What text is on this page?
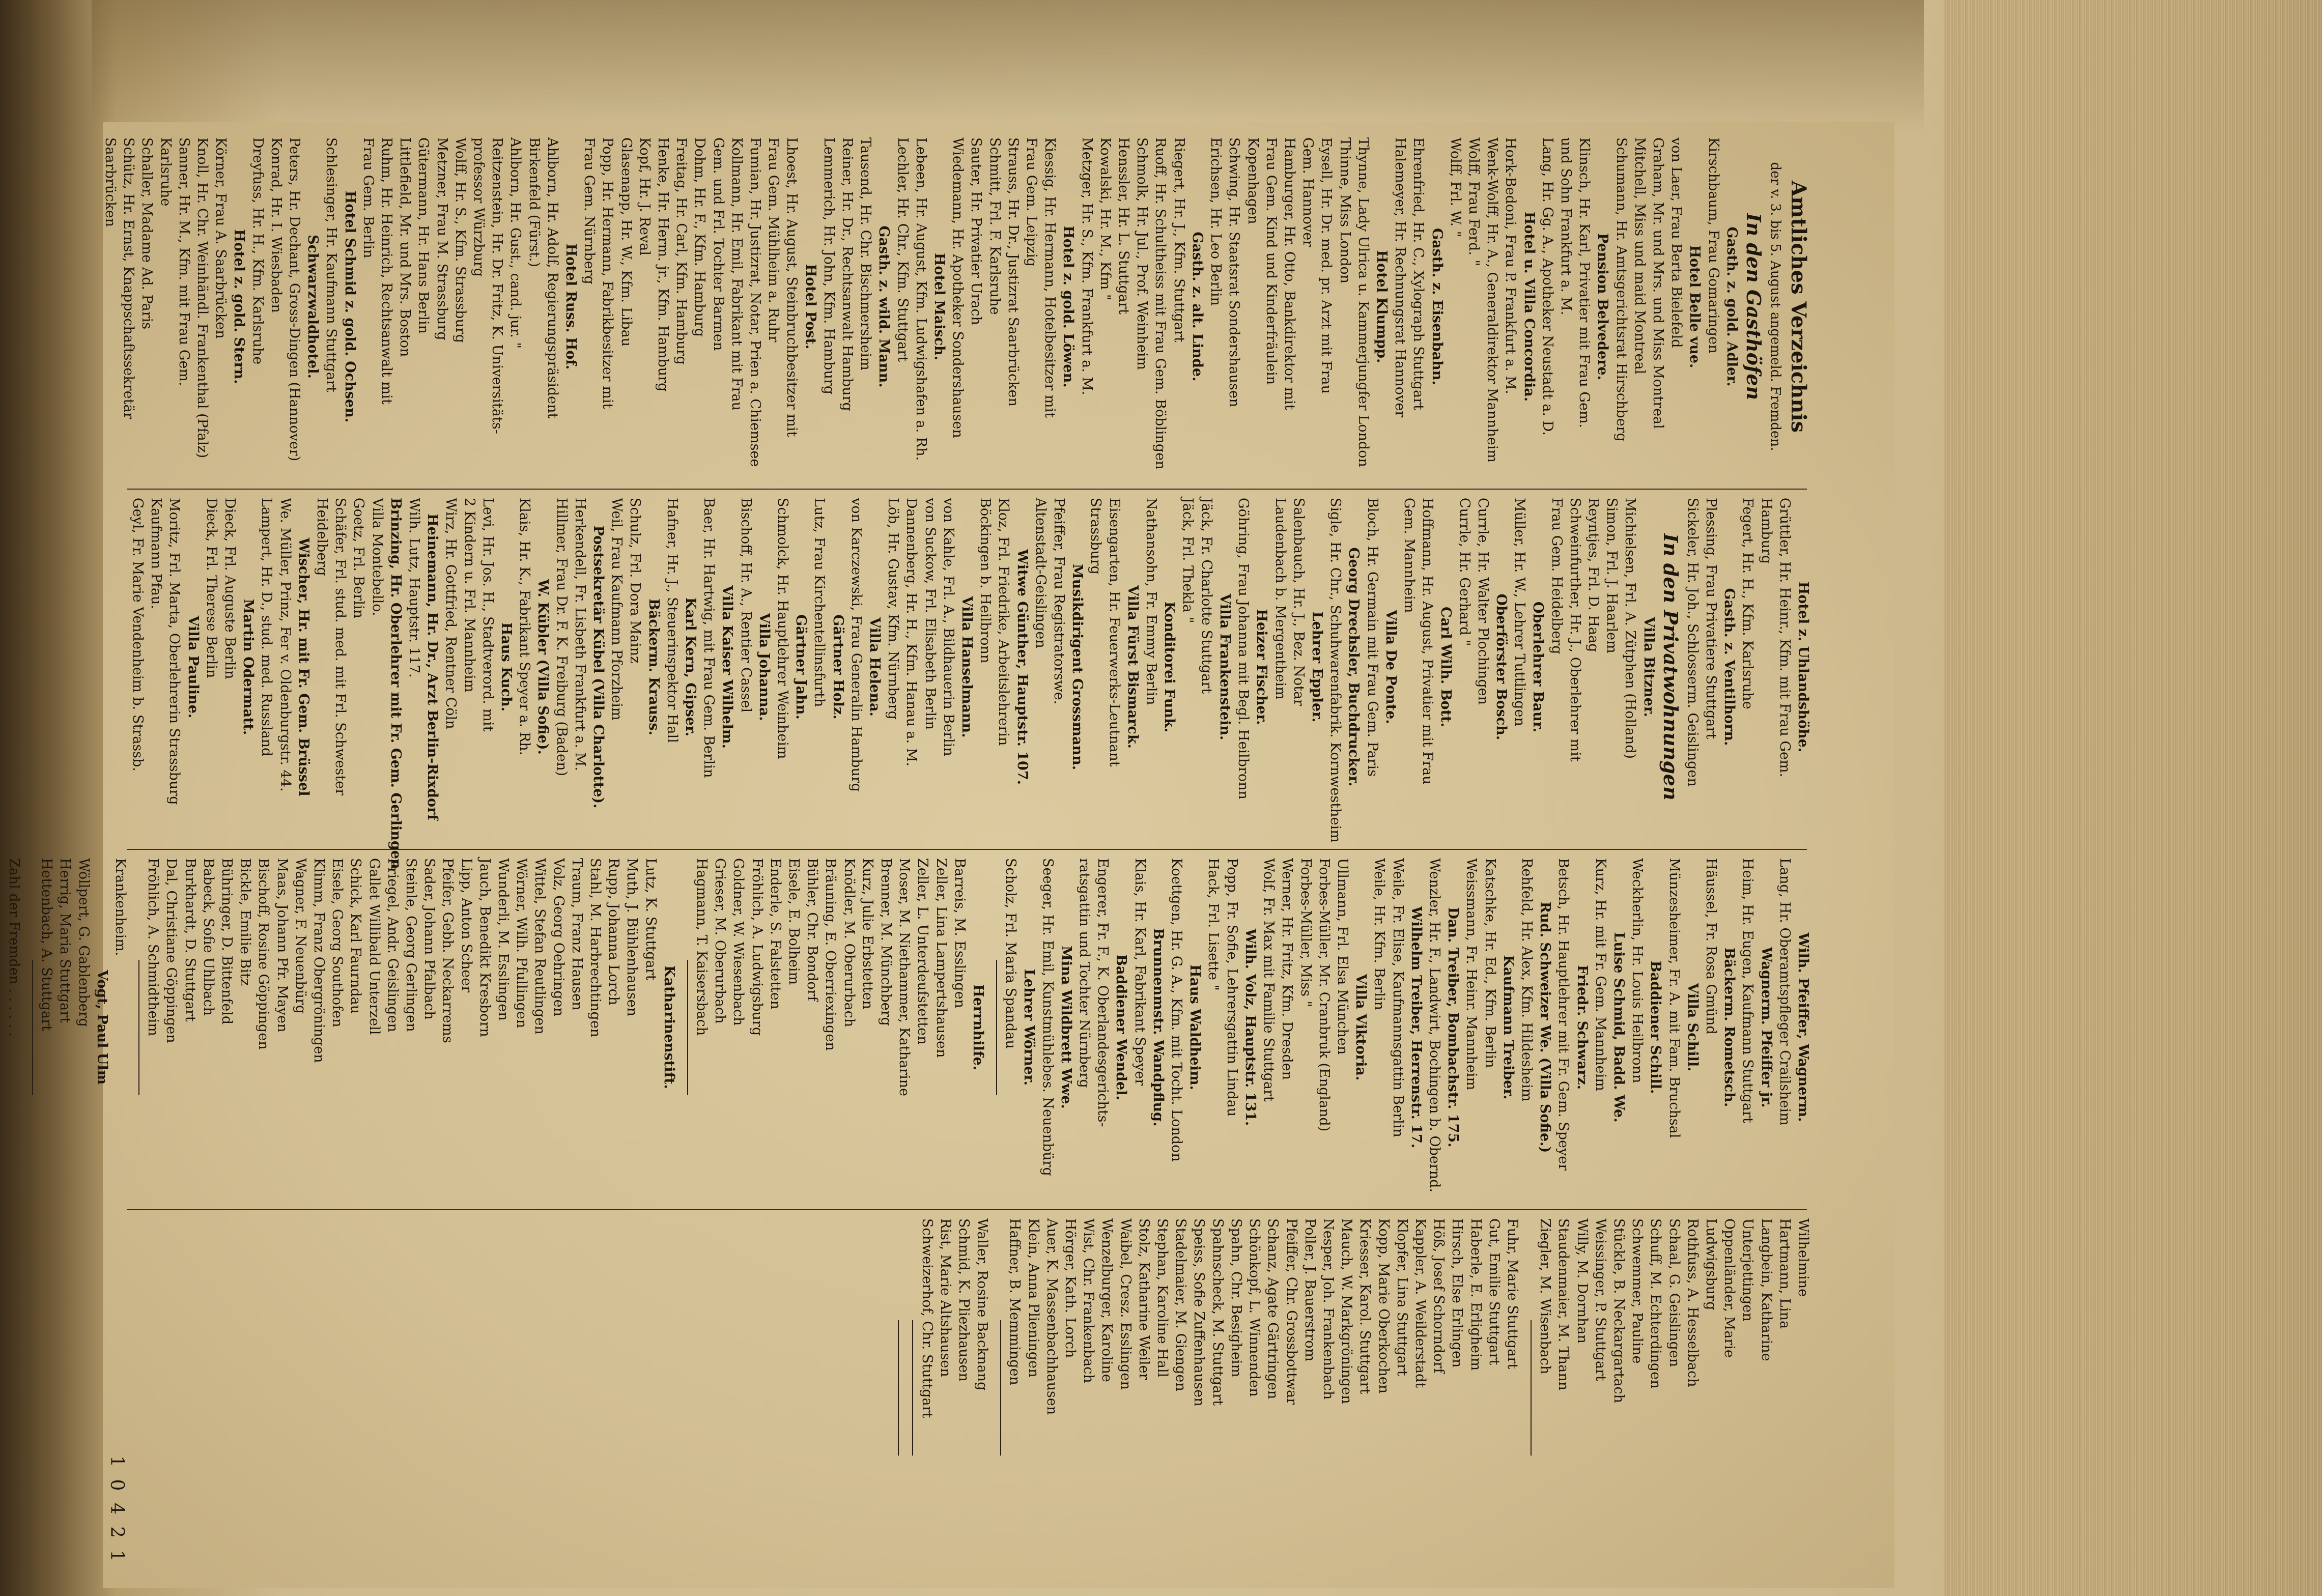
Amtliches Verzeichnis

der v. 3. bis 5. August angemeld. Fremden.

In den Gasthöfen

Gasth. z. gold. Adler.

Kirschbaum, Frau Gomaringen

Hotel Belle vue.

von Laer, Frau Berta Bielefeld

Graham, Mr. und Mrs. und Miss Montreal

Mitchell, Miss und maid Montreal

Schumann, Hr. Amtsgerichtsrat Hirschberg

Pension Belvedere.

Klinsch, Hr. Karl, Privatier mit Frau Gem.

und Sohn Frankfurt a. M.

Lang, Hr. Gg. A., Apotheker Neustadt a. D.

Hotel u. Villa Concordia.

Hork-Bedoni, Frau P. Frankfurt a. M.

Wenk-Wolff, Hr. A., Generaldirektor Mannheim

Wolff, Frau Ferd. "

Wolff, Frl. W. "

Gasth. z. Eisenbahn.

Ehrenfried, Hr. C., Xylograph Stuttgart

Halemeyer, Hr. Rechnungsrat Hannover

Hotel Klumpp.

Thynne, Lady Ulrica u. Kammerjungfer London

Thinne, Miss London

Eysell, Hr. Dr. med. pr. Arzt mit Frau

Gem. Hannover

Hamburger, Hr. Otto, Bankdirektor mit

Frau Gem. Kind und Kinderfräulein

Kopenhagen

Schwing, Hr. Staatsrat Sondershausen

Erichsen, Hr. Leo Berlin

Gasth. z. alt. Linde.

Riegert, Hr. J., Kfm. Stuttgart

Ruoff, Hr. Schultheiss mit Frau Gem. Böblingen

Schmolk, Hr. Jul., Prof. Weinheim

Henssler, Hr. L. Stuttgart

Kowalski, Hr. M., Kfm "

Metzger, Hr. S., Kfm. Frankfurt a. M.

Hotel z. gold. Löwen.

Kiessig, Hr. Hermann, Hotelbesitzer mit

Frau Gem. Leipzig

Strauss, Hr. Dr., Justizrat Saarbrücken

Schmitt, Frl. F. Karlsruhe

Sauter, Hr. Privatier Urach

Wiedemann, Hr. Apotheker Sondershausen

Hotel Maisch.

Lebeen, Hr. August, Kfm. Ludwigshafen a. Rh.

Lechler, Hr. Chr., Kfm. Stuttgart

Gasth. z. wild. Mann.

Tausend, Hr. Chr. Bischmersheim

Reiner, Hr. Dr., Rechtsanwalt Hamburg

Lemmerich, Hr. John, Kfm. Hamburg

Hotel Post.

Lhoest, Hr. August, Steinbruchbesitzer mit

Frau Gem. Mühlheim a. Ruhr

Fumian, Hr. Justizrat, Notar, Prien a. Chiemsee

Kollmann, Hr. Emil, Fabrikant mit Frau

Gem. und Frl. Tochter Barmen

Dohm, Hr. F., Kfm. Hamburg

Freitag, Hr. Carl, Kfm. Hamburg

Henke, Hr. Herm. jr., Kfm. Hamburg

Kopf, Hr. J. Reval

Glasenapp, Hr. W., Kfm. Libau

Popp, Hr. Hermann, Fabrikbesitzer mit

Frau Gem. Nürnberg

Hotel Russ. Hof.

Ahlborn, Hr. Adolf, Regierungspräsident

Birkenfeld (Fürst.)

Ahlborn, Hr. Gust., cand. jur. "

Reitzenstein, Hr. Dr. Fritz, K. Universitäts-

professor Würzburg

Wolff, Hr. S., Kfm. Strassburg

Metzner, Frau M. Strassburg

Gütermann, Hr. Hans Berlin

Littlefield, Mr. und Mrs. Boston

Ruhm, Hr. Heinrich, Rechtsanwalt mit

Frau Gem. Berlin

Hotel Schmid z. gold. Ochsen.

Schlesinger, Hr. Kaufmann Stuttgart

Schwarzwaldhotel.

Peters, Hr. Dechant, Gross-Dingen (Hannover)

Konrad, Hr. I. Wiesbaden

Dreyfuss, Hr. H., Kfm. Karlsruhe

Hotel z. gold. Stern.

Körner, Frau A. Saarbrücken

Knoll, Hr. Chr. Weinhändl. Frankenthal (Pfalz)

Sanner, Hr. M., Kfm. mit Frau Gem.

Karlsruhe

Schaller, Madame Ad. Paris

Schütz, Hr. Ernst, Knappschaftssekretär

Saarbrücken

Hotel z. Uhlandshöhe.

Grüttler, Hr. Heinr., Kfm. mit Frau Gem.

Hamburg

Fegert, Hr. H., Kfm. Karlsruhe

Gasth. z. Ventilhorn.

Plessing, Frau Privatiere Stuttgart

Sickeler, Hr. Joh., Schlosserm. Geislingen

In den Privatwohnungen

Villa Bitzner.

Michielsen, Frl. A. Zütphen (Holland)

Simon, Frl. J. Haarlem

Reyntjes, Frl. D. Haag

Schweinfurther, Hr. J., Oberlehrer mit

Frau Gem. Heidelberg

Oberlehrer Baur.

Müller, Hr. W., Lehrer Tuttlingen

Oberförster Bosch.

Currle, Hr. Walter Plochingen

Currle, Hr. Gerhard "

Carl Wilh. Bott.

Hoffmann, Hr. August, Privatier mit Frau

Gem. Mannheim

Villa De Ponte.

Bloch, Hr. Germain mit Frau Gem. Paris

Georg Drechsler, Buchdrucker.

Sigle, Hr. Chr., Schuhwarenfabrik. Kornwestheim

Lehrer Eppler.

Salenbauch, Hr. J., Bez. Notar

Laudenbach b. Mergentheim

Heizer Fischer.

Göhring, Frau Johanna mit Begl. Heilbronn

Villa Frankenstein.

Jäck, Fr. Charlotte Stuttgart

Jäck, Frl. Thekla "

Konditorei Funk.

Nathansohn, Fr. Emmy Berlin

Villa Fürst Bismarck.

Eisengarten, Hr. Feuerwerks-Leutnant

Strassburg

Musikdirigent Grossmann.

Pfeiffer, Frau Registratorswe.

Altenstadt-Geislingen

Witwe Günther, Hauptstr. 107.

Kloz, Frl. Friedrike, Arbeitslehrerin

Böckingen b. Heilbronn

Villa Hanselmann.

von Kahle, Frl. A., Bildhauerin Berlin

von Suckow, Frl. Elisabeth Berlin

Dannenberg, Hr. H., Kfm. Hanau a. M.

Löb, Hr. Gustav, Kfm. Nürnberg

Villa Helena.

von Karczewski, Frau Generalin Hamburg

Gärtner Holz.

Lutz, Frau Kirchentellinsfurth

Gärtner Jahn.

Schmolck, Hr. Hauptlehrer Weinheim

Villa Johanna.

Bischoff, Hr. A., Rentier Cassel

Villa Kaiser Wilhelm.

Baer, Hr. Hartwig, mit Frau Gem. Berlin

Karl Kern, Gipser.

Hafner, Hr. J., Steuerinspektor Hall

Bäckerm. Krauss.

Schulz, Frl. Dora Mainz

Weil, Frau Kaufmann Pforzheim

Postsekretär Kübel (Villa Charlotte).

Herkendell, Fr. Lisbeth Frankfurt a. M.

Hillmer, Frau Dr. F. K. Freiburg (Baden)

W. Kübler (Villa Sofie).

Klais, Hr. K., Fabrikant Speyer a. Rh.

Haus Kuch.

Levi, Hr. Jos. H., Stadtverord. mit

2 Kindern u. Frl. Mannheim

Wirz, Hr. Gottfried, Rentner Cöln

Heinemann, Hr. Dr., Arzt Berlin-Rixdorf

Wilh. Lutz, Hauptstr. 117.

Brinzing, Hr. Oberlehrer mit Fr. Gem. Gerlingen

Villa Montebello.

Goetz, Frl. Berlin

Schäfer, Frl. stud. med. mit Frl. Schwester

Heidelberg

Wischer, Hr. mit Fr. Gem. Brüssel

We. Müller, Prinz, Fer v. Oldenburgstr. 44.

Lampert, Hr. D., stud. med. Russland

Martin Odermatt.

Dieck, Frl. Auguste Berlin

Dieck, Frl. Therese Berlin

Villa Pauline.

Moritz, Frl. Marta, Oberlehrerin Strassburg

Kaufmann Pfau.

Geyl, Fr. Marie Vendenheim b. Strassb.

Wilh. Pfeiffer, Wagnerm.

Lang, Hr. Oberamtspfleger Crailsheim

Wagnerm. Pfeiffer jr.

Heim, Hr. Eugen, Kaufmann Stuttgart

Bäckerm. Rometsch.

Häussel, Fr. Rosa Gmünd

Villa Schill.

Münzesheimer, Fr. A. mit Fam. Bruchsal

Baddiener Schill.

Weckherlin, Hr. Louis Heilbronn

Luise Schmid, Badd. We.

Kurz, Hr. mit Fr. Gem. Mannheim

Friedr. Schwarz.

Betsch, Hr. Hauptlehrer mit Fr. Gem. Speyer

Rud. Schweizer We. (Villa Sofie.)

Rehfeld, Hr. Alex, Kfm. Hildesheim

Kaufmann Treiber.

Katschke, Hr. Ed., Kfm. Berlin

Weissmann, Fr. Heinr. Mannheim

Dan. Treiber, Bombachstr. 175.

Wenzler, Hr. F., Landwirt, Bochingen b. Obernd.

Wilhelm Treiber, Herrenstr. 17.

Weile, Fr. Elise, Kaufmannsgattin Berlin

Weile, Hr. Kfm. Berlin

Villa Viktoria.

Ullmann, Frl. Elsa München

Forbes-Müller, Mr. Cranbruk (England)

Forbes-Müller, Miss "

Werner, Hr. Fritz, Kfm. Dresden

Wolf, Fr. Max mit Familie Stuttgart

Wilh. Volz, Hauptstr. 131.

Popp, Fr. Sofie, Lehrersgattin Lindau

Hack, Frl. Lisette "

Haus Waldheim.

Koettgen, Hr. G. A., Kfm. mit Tocht. London

Brunnenmstr. Wandpflug.

Klais, Hr. Karl, Fabrikant Speyer

Baddiener Wendel.

Engerer, Fr. F., K. Oberlandesgerichts-

ratsgattin und Tochter Nürnberg

Mina Wildbrett Wwe.

Seeger, Hr. Emil, Kunstmühlebes. Neuenbürg

Lehrer Wörner.

Scholz, Frl. Maria Spandau

Herrnhilfe.

Barreis, M. Esslingen

Zeller, Lina Lampertshausen

Zeller, L. Unterdeufstetten

Moser, M. Niethammer, Katharine

Brenner, M. Münchberg

Kurz, Julie Erbstetten

Knödler, M. Oberurbach

Bräuning, E. Oberriexingen

Bühler, Chr. Bondorf

Eisele, E. Bolheim

Enderle, S. Falstetten

Fröhlich, A. Ludwigsburg

Goldner, W. Wiesenbach

Grieser, M. Oberurbach

Hagmann, T. Kaisersbach

Katharinenstift.

Lutz, K. Stuttgart

Muth, J. Bühlenhausen

Rupp, Johanna Lorch

Stahl, M. Harbrechtingen

Traum, Franz Hausen

Volz, Georg Oehringen

Wittel, Stefan Reutlingen

Wörner, Wilh. Pfullingen

Wunderli, M. Esslingen

Jauch, Benedikt Kresborn

Lipp, Anton Scheer

Pfeifer, Gebh. Neckarrems

Sader, Johann Pfalbach

Steinle, Georg Gerlingen

Friegel, Andr. Geislingen

Gallet Willibald Unterzell

Schick, Karl Faurndau

Eisele, Georg Southofen

Klimm, Franz Obergröningen

Wagner, F. Neuenbürg

Maas, Johann Pfr. Mayen

Bischoff, Rosine Göppingen

Bickle, Emilie Bitz

Bühringer, D. Bittenfeld

Babeck, Sofie Uhlbach

Burkhardt, D. Stuttgart

Dal, Christiane Göppingen

Fröhlich, A. Schmidtheim

Krankenheim.

Vogt, Paul Ulm

Wöllpert, G. Gablenberg

Herrig, Maria Stuttgart

Hettenbach, A. Stuttgart

Zahl der Fremden . . . . . .

Wilhelmine

Hartmann, Lina

Langbein, Katharine

Unterjettingen

Oppenländer, Marie

Ludwigsburg

Rothfuss, A. Hesselbach

Schaal, G. Geislingen

Schuff, M. Echterdingen

Schwemmer, Pauline

Stückle, B. Neckargartach

Weissinger, P. Stuttgart

Willy, M. Dornhan

Staudenmaier, M. Thann

Ziegler, M. Wisenbach

Fuhr, Marie Stuttgart

Gut, Emilie Stuttgart

Haberle, E. Erligheim

Hirsch, Else Erlingen

Höß, Josef Schorndorf

Kappler, A. Weilderstadt

Klopfer, Lina Stuttgart

Kopp, Marie Oberkochen

Kriesser, Karol. Stuttgart

Mauch, W. Markgröningen

Nesper, Joh. Frankenbach

Poller, J. Bauerstrom

Pfeiffer, Chr. Grossbottwar

Schanz, Agate Gärtringen

Schönkopf, L. Winnenden

Spahn, Chr. Besigheim

Spahnscheck, M. Stuttgart

Speiss, Sofie Zuffenhausen

Stadelmaier, M. Giengen

Stephan, Karoline Hall

Stolz, Katharine Weiler

Waibel, Cresz. Esslingen

Wenzelburger, Karoline

Wist, Chr. Frankenbach

Hörger, Kath. Lorch

Auer, K. Massenbachhausen

Klein, Anna Plieningen

Haffner, B. Memmingen

Waller, Rosine Backnang

Schmid, K. Pliezhausen

Rist, Marie Altshausen

Schweizerhof, Chr. Stuttgart

1 0 4 2 1
